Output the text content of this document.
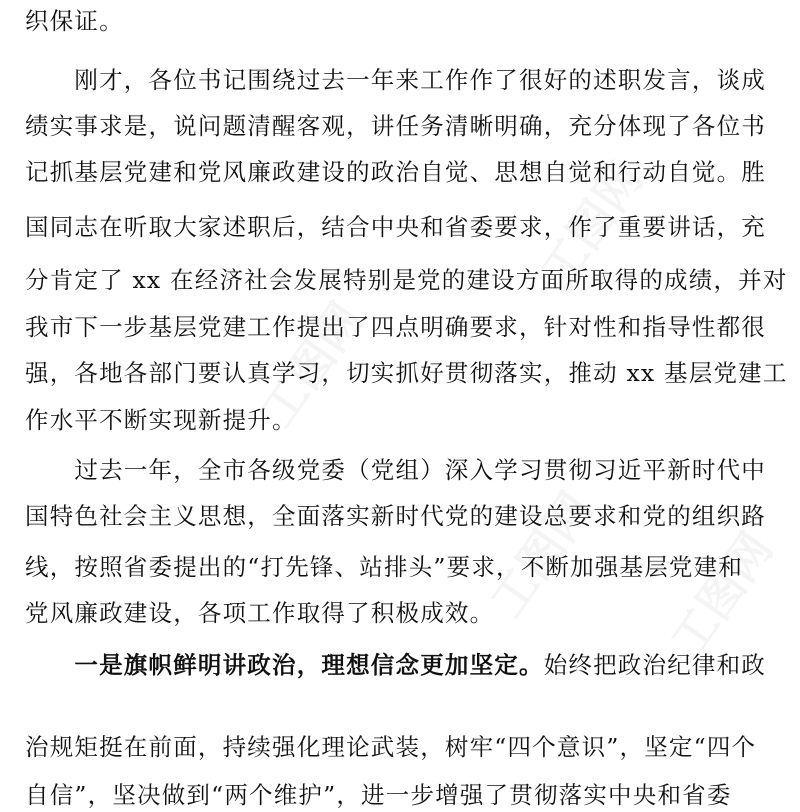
织保证。
　　刚才，各位书记围绕过去一年来工作作了很好的述职发言，谈成
绩实事求是，说问题清醒客观，讲任务清晰明确，充分体现了各位书
记抓基层党建和党风廉政建设的政治自觉、思想自觉和行动自觉。胜
国同志在听取大家述职后，结合中央和省委要求，作了重要讲话，充
分肯定了 xx 在经济社会发展特别是党的建设方面所取得的成绩，并对
我市下一步基层党建工作提出了四点明确要求，针对性和指导性都很
强，各地各部门要认真学习，切实抓好贯彻落实，推动 xx 基层党建工
作水平不断实现新提升。
　　过去一年，全市各级党委（党组）深入学习贯彻习近平新时代中
国特色社会主义思想，全面落实新时代党的建设总要求和党的组织路
线，按照省委提出的“打先锋、站排头”要求，不断加强基层党建和
党风廉政建设，各项工作取得了积极成效。
　　一是旗帜鲜明讲政治，理想信念更加坚定。始终把政治纪律和政
治规矩挺在前面，持续强化理论武装，树牢“四个意识”，坚定“四个
自信”，坚决做到“两个维护”，进一步增强了贯彻落实中央和省委
